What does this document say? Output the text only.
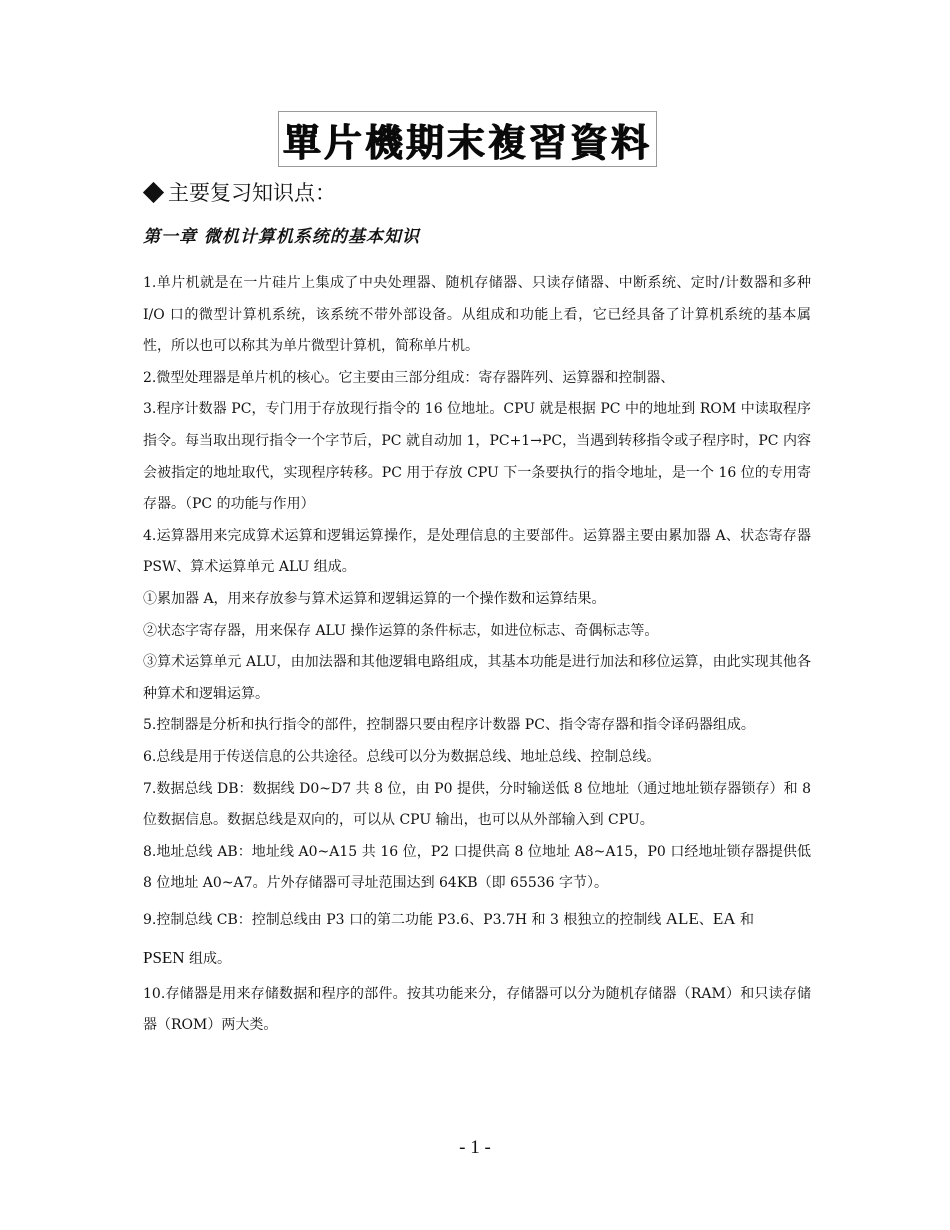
單片機期末複習資料
主要复习知识点：
第一章 微机计算机系统的基本知识

1.单片机就是在一片硅片上集成了中央处理器、随机存储器、只读存储器、中断系统、定时/计数器和多种 I/O 口的微型计算机系统，该系统不带外部设备。从组成和功能上看，它已经具备了计算机系统的基本属性，所以也可以称其为单片微型计算机，简称单片机。

2.微型处理器是单片机的核心。它主要由三部分组成：寄存器阵列、运算器和控制器、

3.程序计数器 PC，专门用于存放现行指令的 16 位地址。CPU 就是根据 PC 中的地址到 ROM 中读取程序指令。每当取出现行指令一个字节后，PC 就自动加 1，PC+1→PC，当遇到转移指令或子程序时，PC 内容会被指定的地址取代，实现程序转移。PC 用于存放 CPU 下一条要执行的指令地址，是一个 16 位的专用寄存器。（PC 的功能与作用）

4.运算器用来完成算术运算和逻辑运算操作，是处理信息的主要部件。运算器主要由累加器 A、状态寄存器 PSW、算术运算单元 ALU 组成。

①累加器 A，用来存放参与算术运算和逻辑运算的一个操作数和运算结果。

②状态字寄存器，用来保存 ALU 操作运算的条件标志，如进位标志、奇偶标志等。

③算术运算单元 ALU，由加法器和其他逻辑电路组成，其基本功能是进行加法和移位运算，由此实现其他各种算术和逻辑运算。

5.控制器是分析和执行指令的部件，控制器只要由程序计数器 PC、指令寄存器和指令译码器组成。

6.总线是用于传送信息的公共途径。总线可以分为数据总线、地址总线、控制总线。

7.数据总线 DB：数据线 D0~D7 共 8 位，由 P0 提供，分时输送低 8 位地址（通过地址锁存器锁存）和 8 位数据信息。数据总线是双向的，可以从 CPU 输出，也可以从外部输入到 CPU。

8.地址总线 AB：地址线 A0~A15 共 16 位，P2 口提供高 8 位地址 A8~A15，P0 口经地址锁存器提供低 8 位地址 A0~A7。片外存储器可寻址范围达到 64KB（即 65536 字节）。

9.控制总线 CB：控制总线由 P3 口的第二功能 P3.6、P3.7H 和 3 根独立的控制线 ALE、EA 和
PSEN 组成。

10.存储器是用来存储数据和程序的部件。按其功能来分，存储器可以分为随机存储器（RAM）和只读存储器（ROM）两大类。

- 1 -
